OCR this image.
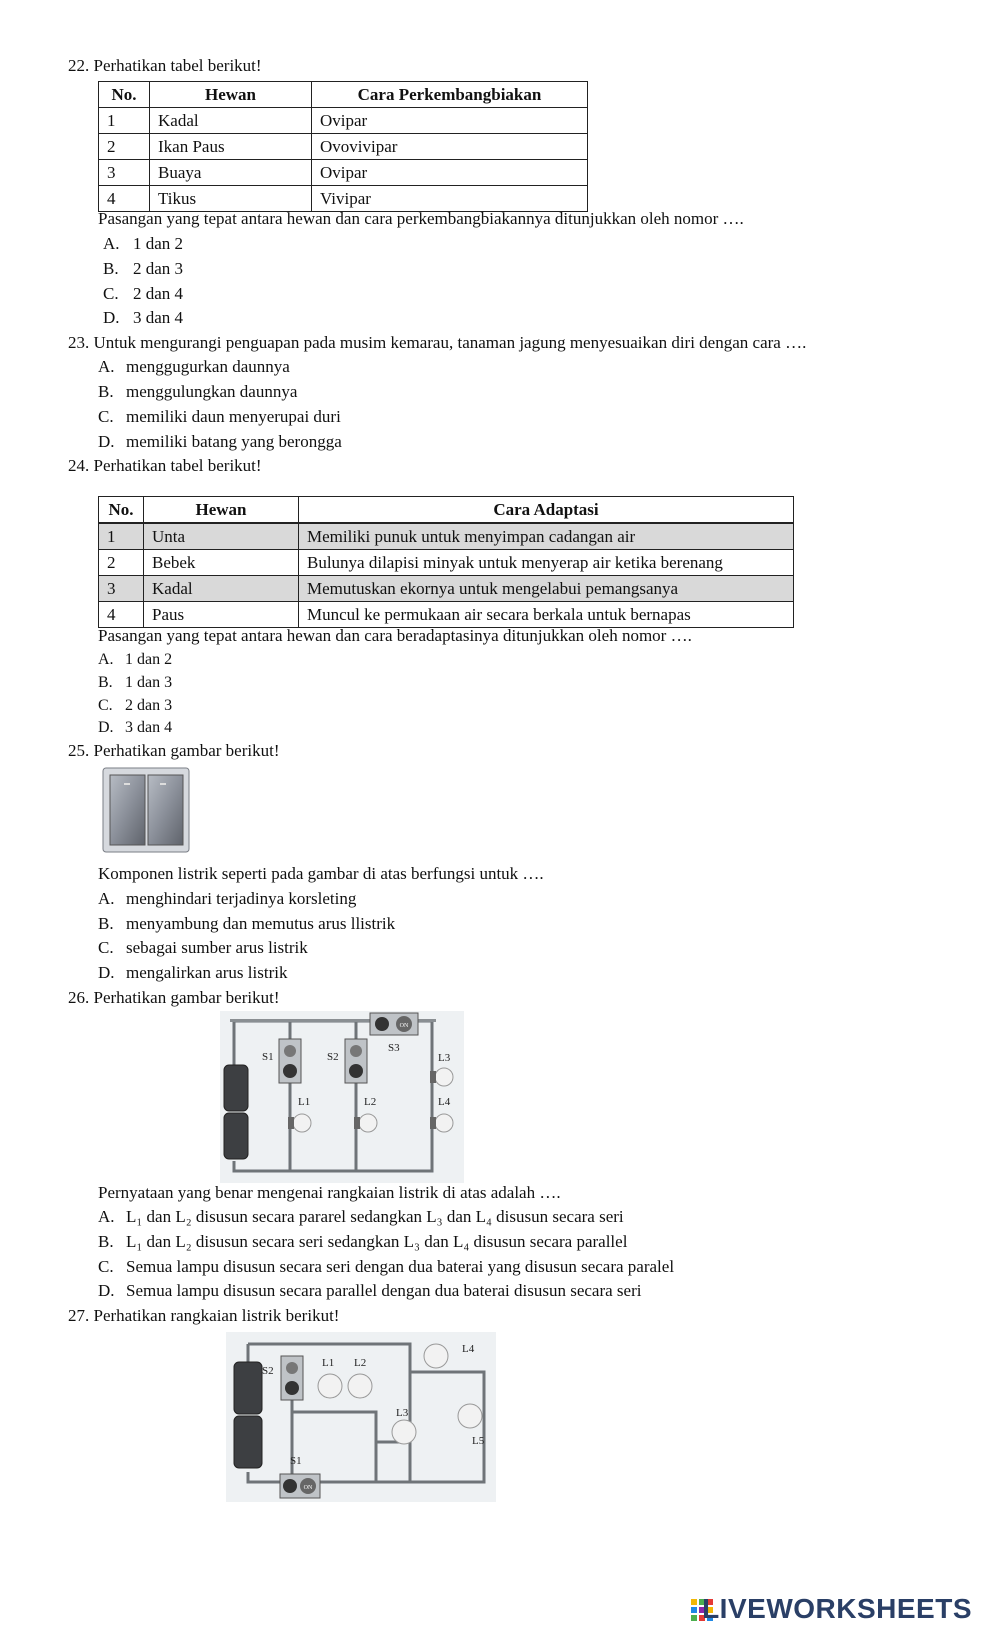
22. Perhatikan tabel berikut!
No.	Hewan	Cara Perkembangbiakan
1	Kadal	Ovipar
2	Ikan Paus	Ovovivipar
3	Buaya	Ovipar
4	Tikus	Vivipar
Pasangan yang tepat antara hewan dan cara perkembangbiakannya ditunjukkan oleh nomor ….
A. 1 dan 2
B. 2 dan 3
C. 2 dan 4
D. 3 dan 4
23. Untuk mengurangi penguapan pada musim kemarau, tanaman jagung menyesuaikan diri dengan cara ….
A. menggugurkan daunnya
B. menggulungkan daunnya
C. memiliki daun menyerupai duri
D. memiliki batang yang berongga
24. Perhatikan tabel berikut!
No.	Hewan	Cara Adaptasi
1	Unta	Memiliki punuk untuk menyimpan cadangan air
2	Bebek	Bulunya dilapisi minyak untuk menyerap air ketika berenang
3	Kadal	Memutuskan ekornya untuk mengelabui pemangsanya
4	Paus	Muncul ke permukaan air secara berkala untuk bernapas
Pasangan yang tepat antara hewan dan cara beradaptasinya ditunjukkan oleh nomor ….
A. 1 dan 2
B. 1 dan 3
C. 2 dan 3
D. 3 dan 4
25. Perhatikan gambar berikut!
Komponen listrik seperti pada gambar di atas berfungsi untuk ….
A. menghindari terjadinya korsleting
B. menyambung dan memutus arus llistrik
C. sebagai sumber arus listrik
D. mengalirkan arus listrik
26. Perhatikan gambar berikut!
ON
S1	S2
S3
L1	L2
L3
L4
Pernyataan yang benar mengenai rangkaian listrik di atas adalah ….
A. L₁ dan L₂ disusun secara pararel sedangkan L₃ dan L₄ disusun secara seri
B. L₁ dan L₂ disusun secara seri sedangkan L₃ dan L₄ disusun secara parallel
C. Semua lampu disusun secara seri dengan dua baterai yang disusun secara paralel
D. Semua lampu disusun secara parallel dengan dua baterai disusun secara seri
27. Perhatikan rangkaian listrik berikut!
ON
S2
S1
L1 L2
L3
L4
L5
LIVEWORKSHEETS
